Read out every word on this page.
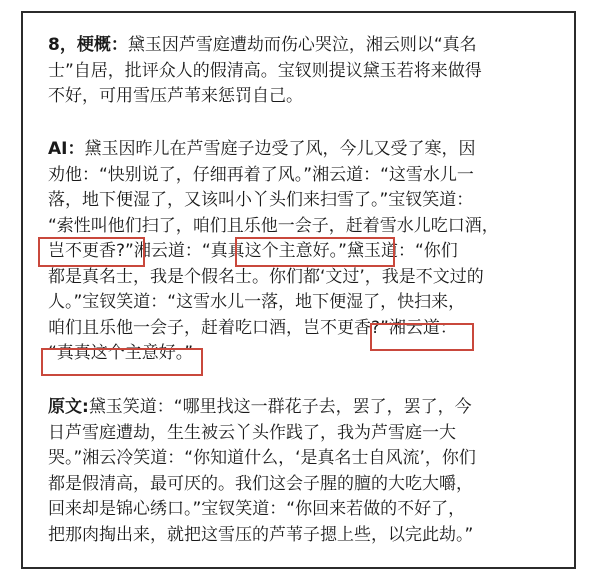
8，梗概：黛玉因芦雪庭遭劫而伤心哭泣，湘云则以“真名
士”自居，批评众人的假清高。宝钗则提议黛玉若将来做得
不好，可用雪压芦苇来惩罚自己。
AI：黛玉因昨儿在芦雪庭子边受了风，今儿又受了寒，因
劝他：“快别说了，仔细再着了风。”湘云道：“这雪水儿一
落，地下便湿了，又该叫小丫头们来扫雪了。”宝钗笑道：
“索性叫他们扫了，咱们且乐他一会子，赶着雪水儿吃口酒，
岂不更香?”湘云道：“真真这个主意好。”黛玉道：“你们
都是真名士，我是个假名士。你们都‘文过’，我是不文过的
人。”宝钗笑道：“这雪水儿一落，地下便湿了，快扫来，
咱们且乐他一会子，赶着吃口酒，岂不更香?”湘云道：
“真真这个主意好。”
原文:黛玉笑道：“哪里找这一群花子去，罢了，罢了，今
日芦雪庭遭劫，生生被云丫头作践了，我为芦雪庭一大
哭。”湘云冷笑道：“你知道什么，‘是真名士自风流’，你们
都是假清高，最可厌的。我们这会子腥的膻的大吃大嚼，
回来却是锦心绣口。”宝钗笑道：“你回来若做的不好了，
把那肉掏出来，就把这雪压的芦苇子摁上些，以完此劫。”
